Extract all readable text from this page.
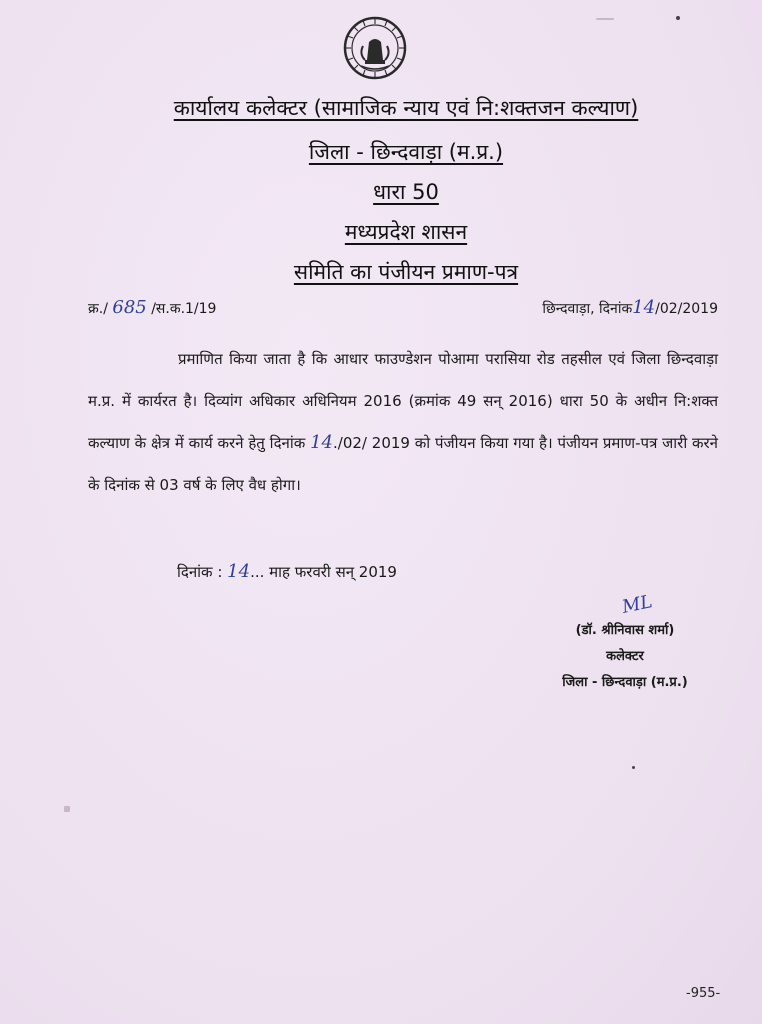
कार्यालय कलेक्टर (सामाजिक न्याय एवं नि:शक्तजन कल्याण)
जिला - छिन्दवाड़ा (म.प्र.)
धारा 50
मध्यप्रदेश शासन
समिति का पंजीयन प्रमाण-पत्र
क्र./ 685 /स.क.1/19	छिन्दवाड़ा, दिनांक14/02/2019
प्रमाणित किया जाता है कि आधार फाउण्डेशन पोआमा परासिया रोड तहसील एवं जिला छिन्दवाड़ा म.प्र. में कार्यरत है। दिव्यांग अधिकार अधिनियम 2016 (क्रमांक 49 सन् 2016) धारा 50 के अधीन नि:शक्त कल्याण के क्षेत्र में कार्य करने हेतु दिनांक 14./02/ 2019 को पंजीयन किया गया है। पंजीयन प्रमाण-पत्र जारी करने के दिनांक से 03 वर्ष के लिए वैध होगा।
दिनांक : 14... माह फरवरी सन् 2019
ML
(डॉ. श्रीनिवास शर्मा)
कलेक्टर
जिला - छिन्दवाड़ा (म.प्र.)
-955-
